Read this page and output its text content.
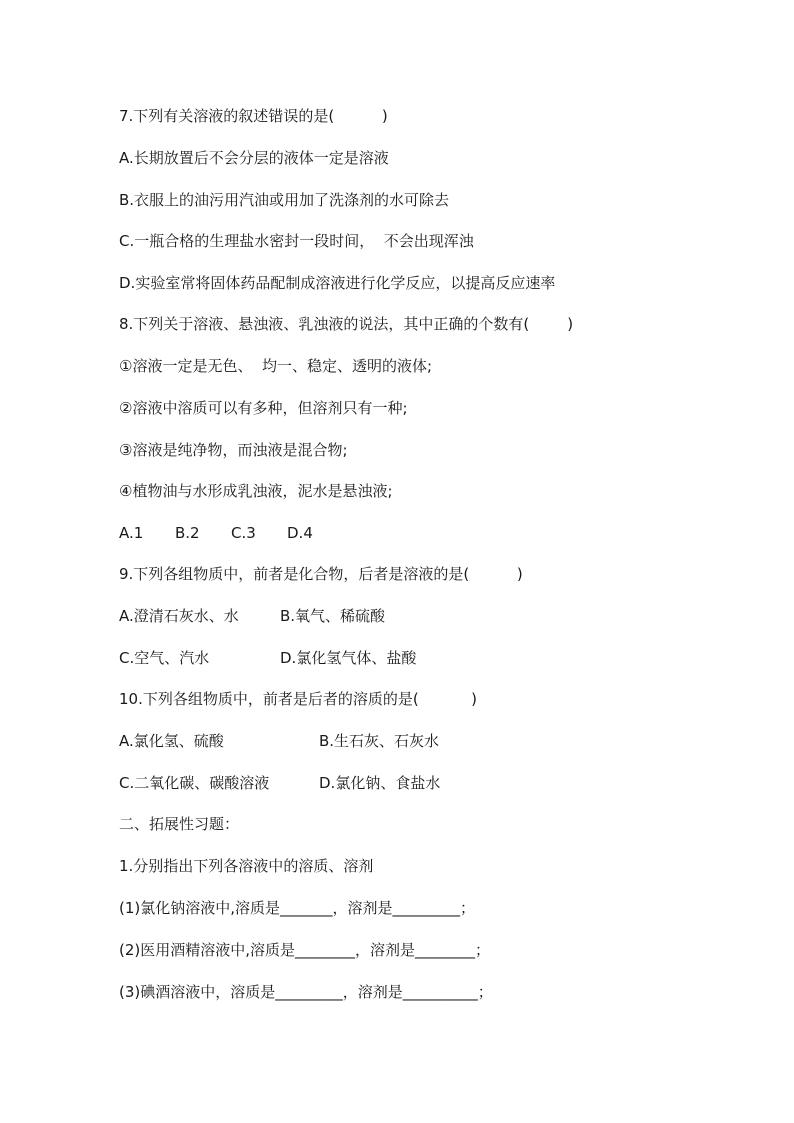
7.下列有关溶液的叙述错误的是(          )
A.长期放置后不会分层的液体一定是溶液
B.衣服上的油污用汽油或用加了洗涤剂的水可除去
C.一瓶合格的生理盐水密封一段时间，  不会出现浑浊
D.实验室常将固体药品配制成溶液进行化学反应，以提高反应速率
8.下列关于溶液、悬浊液、乳浊液的说法，其中正确的个数有(        )
①溶液一定是无色、  均一、稳定、透明的液体;
②溶液中溶质可以有多种，但溶剂只有一种;
③溶液是纯净物，而浊液是混合物;
④植物油与水形成乳浊液，泥水是悬浊液;
A.1 B.2 C.3 D.4
9.下列各组物质中，前者是化合物，后者是溶液的是(          )
A.澄清石灰水、水	B.氧气、稀硫酸
C.空气、汽水	D.氯化氢气体、盐酸
10.下列各组物质中，前者是后者的溶质的是(           )
A.氯化氢、硫酸	B.生石灰、石灰水
C.二氧化碳、碳酸溶液	D.氯化钠、食盐水
二、拓展性习题：
1.分别指出下列各溶液中的溶质、溶剂
(1)氯化钠溶液中,溶质是_______，溶剂是_________；
(2)医用酒精溶液中,溶质是________，溶剂是________；
(3)碘酒溶液中，溶质是_________，溶剂是__________；
